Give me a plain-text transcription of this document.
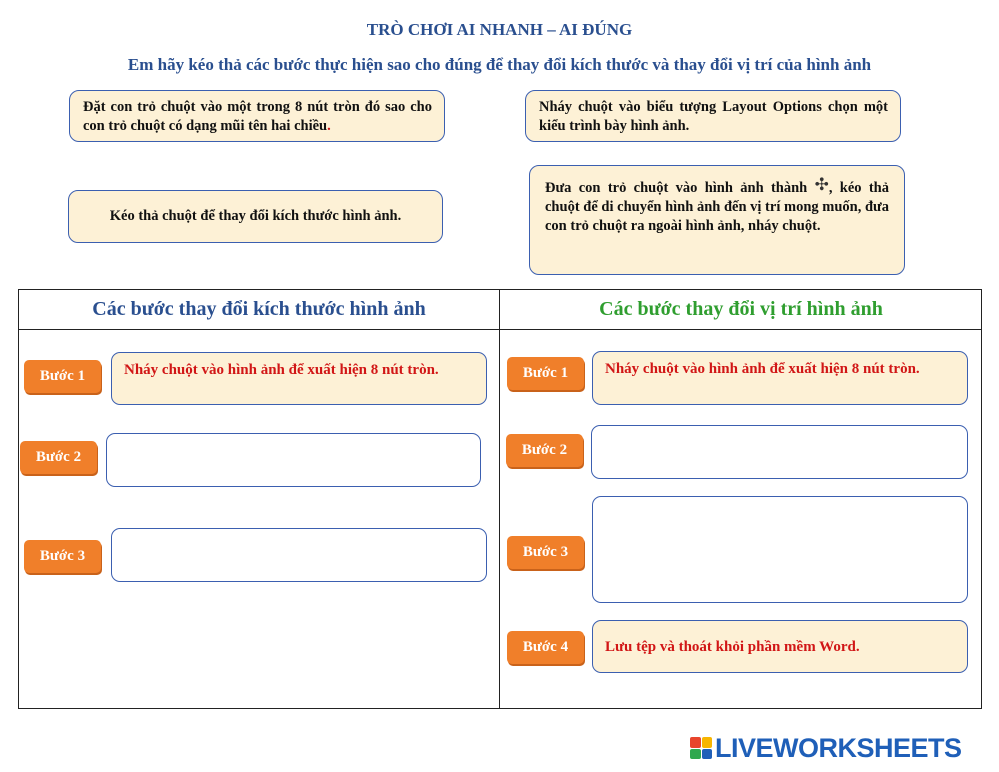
TRÒ CHƠI AI NHANH – AI ĐÚNG
Em hãy kéo thả các bước thực hiện sao cho đúng để thay đổi kích thước và thay đổi vị trí của hình ảnh
Đặt con trỏ chuột vào một trong 8 nút tròn đó sao cho con trỏ chuột có dạng mũi tên hai chiều.
Nháy chuột vào biểu tượng Layout Options chọn một kiểu trình bày hình ảnh.
Kéo thả chuột để thay đổi kích thước hình ảnh.
Đưa con trỏ chuột vào hình ảnh thành ✣, kéo thả chuột để di chuyển hình ảnh đến vị trí mong muốn, đưa con trỏ chuột ra ngoài hình ảnh, nháy chuột.
Các bước thay đổi kích thước hình ảnh	Các bước thay đổi vị trí hình ảnh
Bước 1	Nháy chuột vào hình ảnh để xuất hiện 8 nút tròn.
Bước 2
Bước 3
Bước 1	Nháy chuột vào hình ảnh để xuất hiện 8 nút tròn.
Bước 2
Bước 3
Bước 4	Lưu tệp và thoát khỏi phần mềm Word.
LIVEWORKSHEETS
